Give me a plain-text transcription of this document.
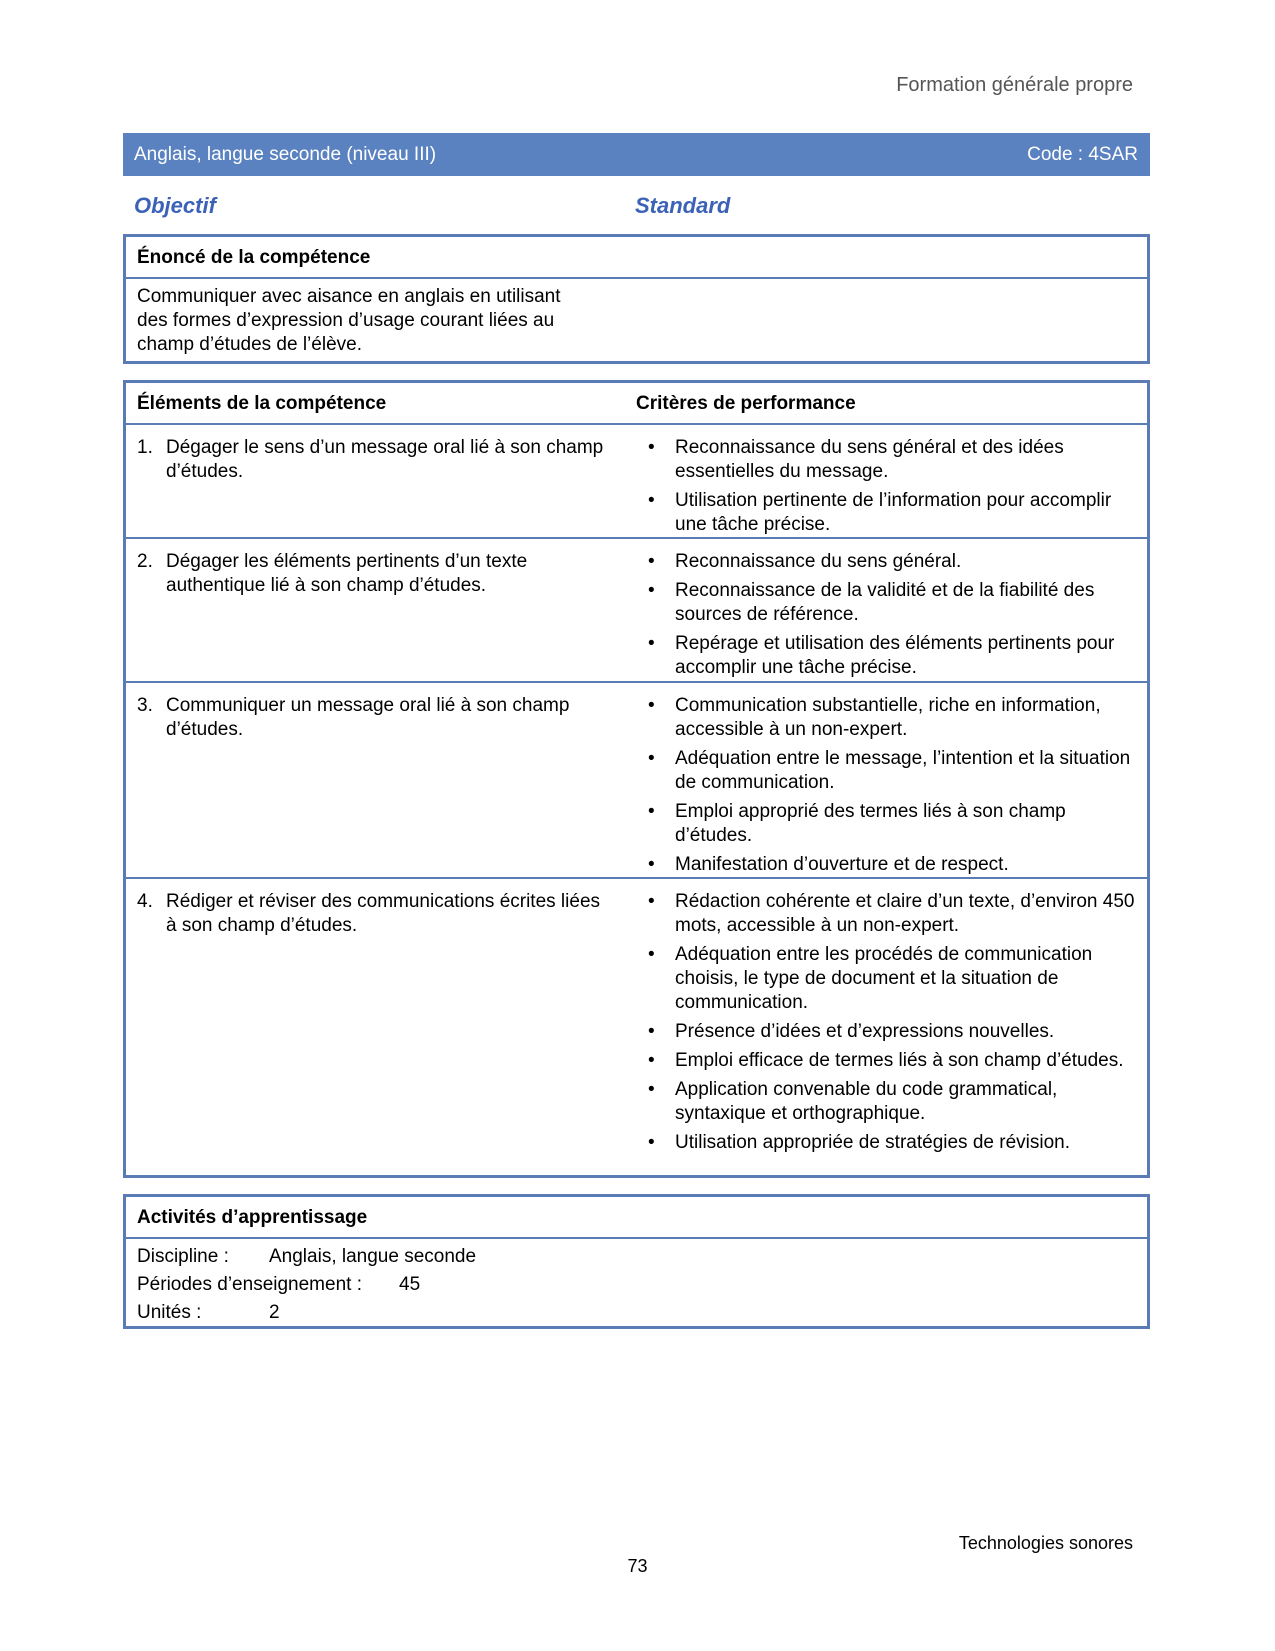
Formation générale propre
Anglais, langue seconde (niveau III)	Code : 4SAR
Objectif	Standard
Énoncé de la compétence
Communiquer avec aisance en anglais en utilisant
des formes d’expression d’usage courant liées au
champ d’études de l’élève.
Éléments de la compétence	Critères de performance
1. Dégager le sens d’un message oral lié à son champ d’études.
• Reconnaissance du sens général et des idées essentielles du message.
• Utilisation pertinente de l’information pour accomplir une tâche précise.
2. Dégager les éléments pertinents d’un texte authentique lié à son champ d’études.
• Reconnaissance du sens général.
• Reconnaissance de la validité et de la fiabilité des sources de référence.
• Repérage et utilisation des éléments pertinents pour accomplir une tâche précise.
3. Communiquer un message oral lié à son champ d’études.
• Communication substantielle, riche en information, accessible à un non-expert.
• Adéquation entre le message, l’intention et la situation de communication.
• Emploi approprié des termes liés à son champ d’études.
• Manifestation d’ouverture et de respect.
4. Rédiger et réviser des communications écrites liées à son champ d’études.
• Rédaction cohérente et claire d’un texte, d’environ 450 mots, accessible à un non-expert.
• Adéquation entre les procédés de communication choisis, le type de document et la situation de communication.
• Présence d’idées et d’expressions nouvelles.
• Emploi efficace de termes liés à son champ d’études.
• Application convenable du code grammatical, syntaxique et orthographique.
• Utilisation appropriée de stratégies de révision.
Activités d’apprentissage
Discipline : Anglais, langue seconde
Périodes d’enseignement : 45
Unités :	2
Technologies sonores
73
